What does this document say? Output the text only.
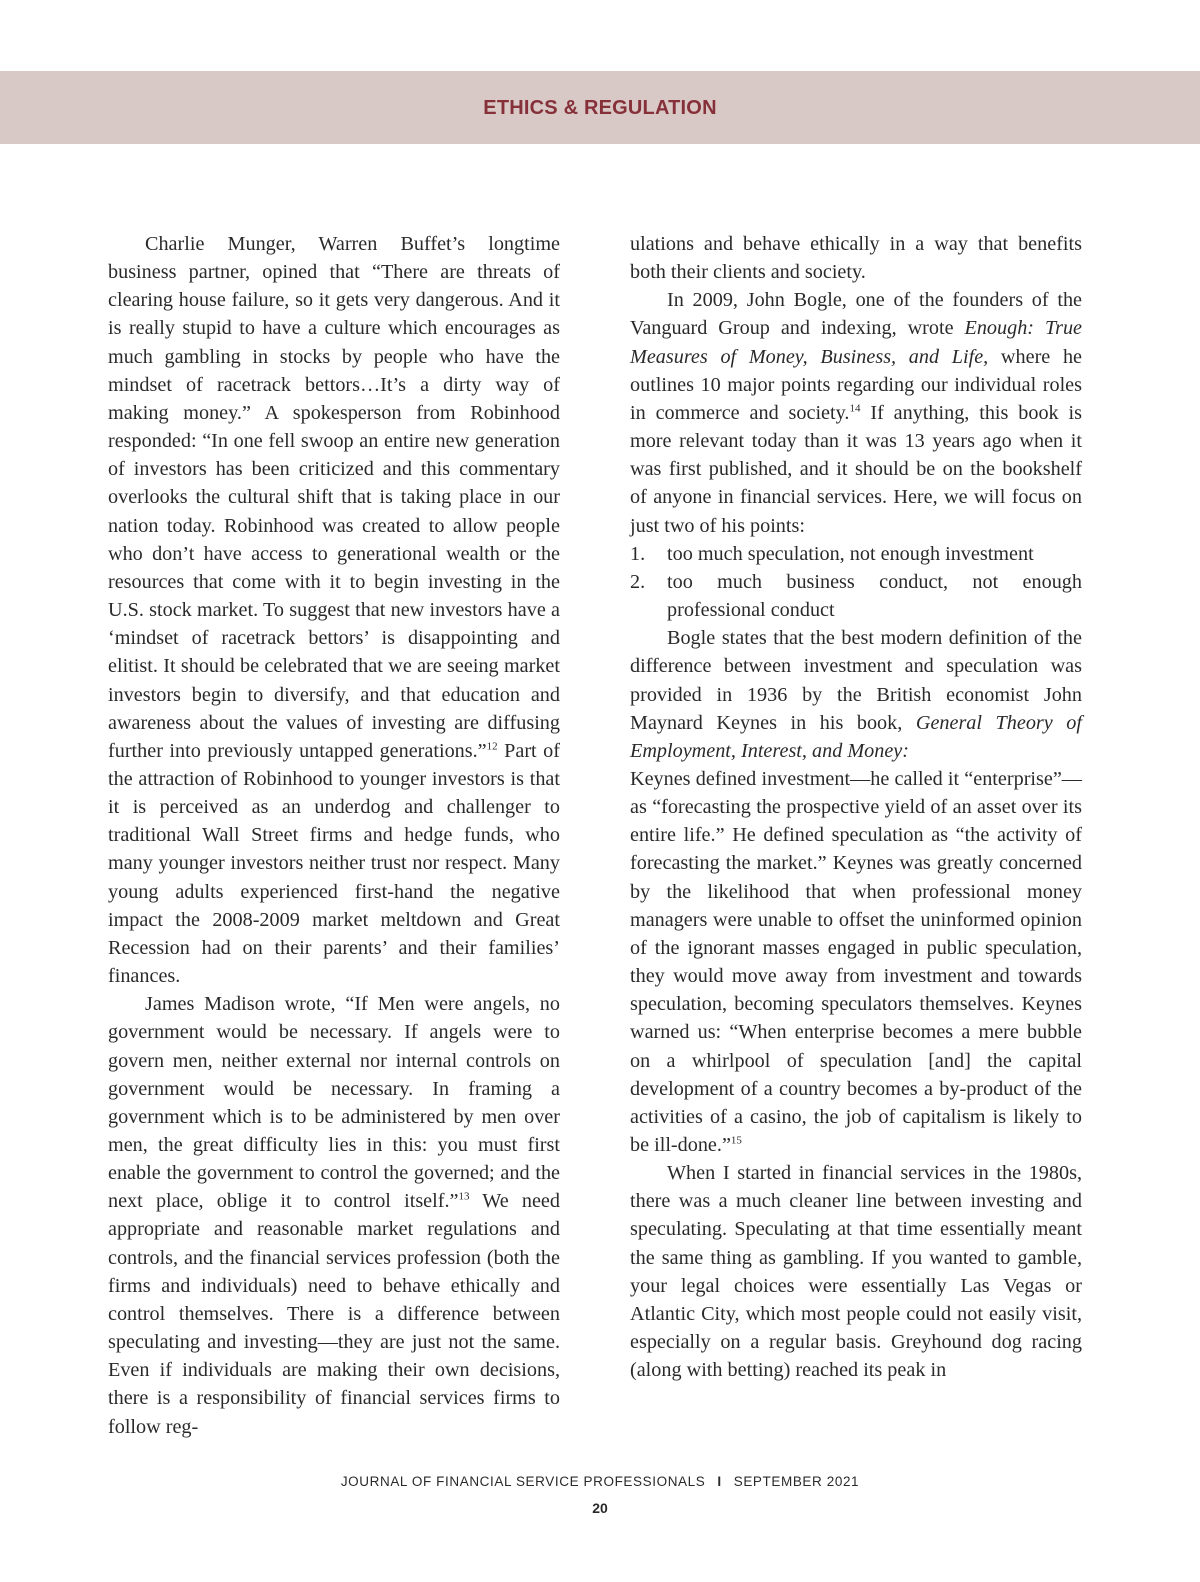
ETHICS & REGULATION

Charlie Munger, Warren Buffet’s longtime business partner, opined that “There are threats of clearing house failure, so it gets very dangerous. And it is really stupid to have a culture which encourages as much gambling in stocks by people who have the mindset of racetrack bettors…It’s a dirty way of making money.” A spokesperson from Robinhood responded: “In one fell swoop an entire new generation of investors has been criticized and this commentary overlooks the cultural shift that is taking place in our nation today. Robinhood was created to allow people who don’t have access to generational wealth or the resources that come with it to begin investing in the U.S. stock market. To suggest that new investors have a ‘mindset of racetrack bettors’ is disappointing and elitist. It should be celebrated that we are seeing market investors begin to diversify, and that education and awareness about the values of investing are diffusing further into previously untapped generations.”$^{12}$ Part of the attraction of Robinhood to younger investors is that it is perceived as an underdog and challenger to traditional Wall Street firms and hedge funds, who many younger investors neither trust nor respect. Many young adults experienced first-hand the negative impact the 2008-2009 market meltdown and Great Recession had on their parents’ and their families’ finances.

James Madison wrote, “If Men were angels, no government would be necessary. If angels were to govern men, neither external nor internal controls on government would be necessary. In framing a government which is to be administered by men over men, the great difficulty lies in this: you must first enable the government to control the governed; and the next place, oblige it to control itself.”$^{13}$ We need appropriate and reasonable market regulations and controls, and the financial services profession (both the firms and individuals) need to behave ethically and control themselves. There is a difference between speculating and investing—they are just not the same. Even if individuals are making their own decisions, there is a responsibility of financial services firms to follow reg-

ulations and behave ethically in a way that benefits both their clients and society.

In 2009, John Bogle, one of the founders of the Vanguard Group and indexing, wrote Enough: True Measures of Money, Business, and Life, where he outlines 10 major points regarding our individual roles in commerce and society.$^{14}$ If anything, this book is more relevant today than it was 13 years ago when it was first published, and it should be on the bookshelf of anyone in financial services. Here, we will focus on just two of his points:

1. too much speculation, not enough investment
2. too much business conduct, not enough professional conduct

Bogle states that the best modern definition of the difference between investment and speculation was provided in 1936 by the British economist John Maynard Keynes in his book, General Theory of Employment, Interest, and Money:

Keynes defined investment—he called it “enterprise”—as “forecasting the prospective yield of an asset over its entire life.” He defined speculation as “the activity of forecasting the market.” Keynes was greatly concerned by the likelihood that when professional money managers were unable to offset the uninformed opinion of the ignorant masses engaged in public speculation, they would move away from investment and towards speculation, becoming speculators themselves. Keynes warned us: “When enterprise becomes a mere bubble on a whirlpool of speculation [and] the capital development of a country becomes a by-product of the activities of a casino, the job of capitalism is likely to be ill-done.”$^{15}$

When I started in financial services in the 1980s, there was a much cleaner line between investing and speculating. Speculating at that time essentially meant the same thing as gambling. If you wanted to gamble, your legal choices were essentially Las Vegas or Atlantic City, which most people could not easily visit, especially on a regular basis. Greyhound dog racing (along with betting) reached its peak in

JOURNAL OF FINANCIAL SERVICE PROFESSIONALS I SEPTEMBER 2021
20
